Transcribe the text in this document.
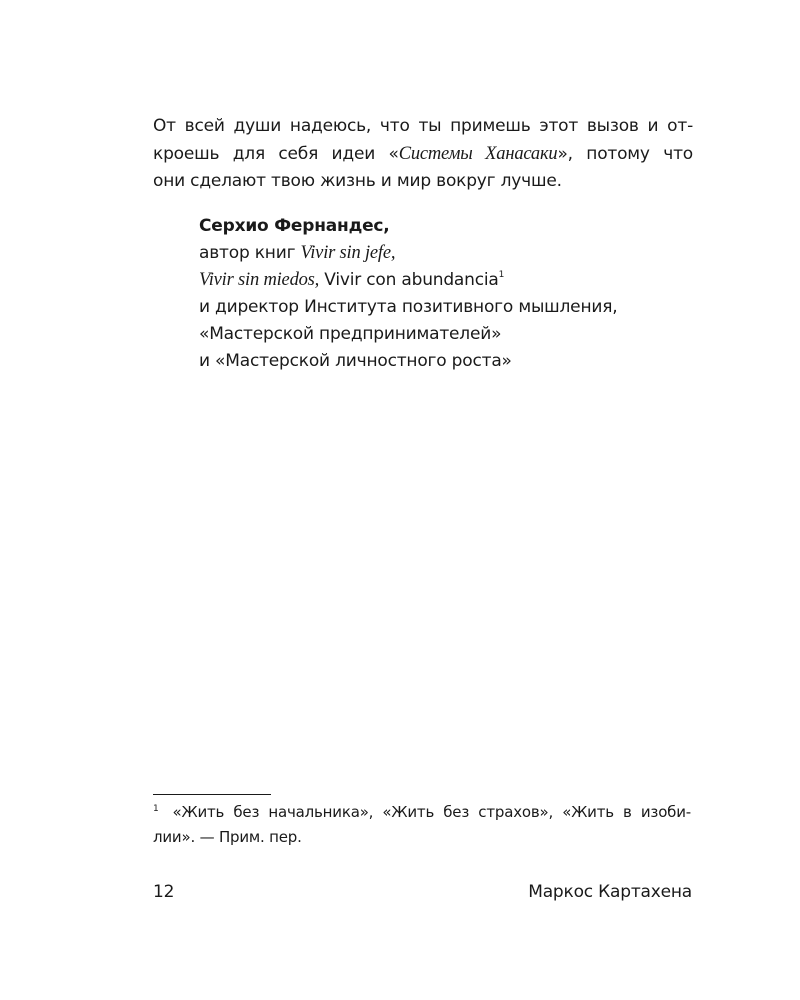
От всей души надеюсь, что ты примешь этот вызов и от-
кроешь для себя идеи «Системы Ханасаки», потому что
они сделают твою жизнь и мир вокруг лучше.
Серхио Фернандес,
автор книг Vivir sin jefe,
Vivir sin miedos, Vivir con abundancia$^1$
и директор Института позитивного мышления,
«Мастерской предпринимателей»
и «Мастерской личностного роста»
$^1$ «Жить без начальника», «Жить без страхов», «Жить в изоби-
лии». — Прим. пер.
12	Маркос Картахена
